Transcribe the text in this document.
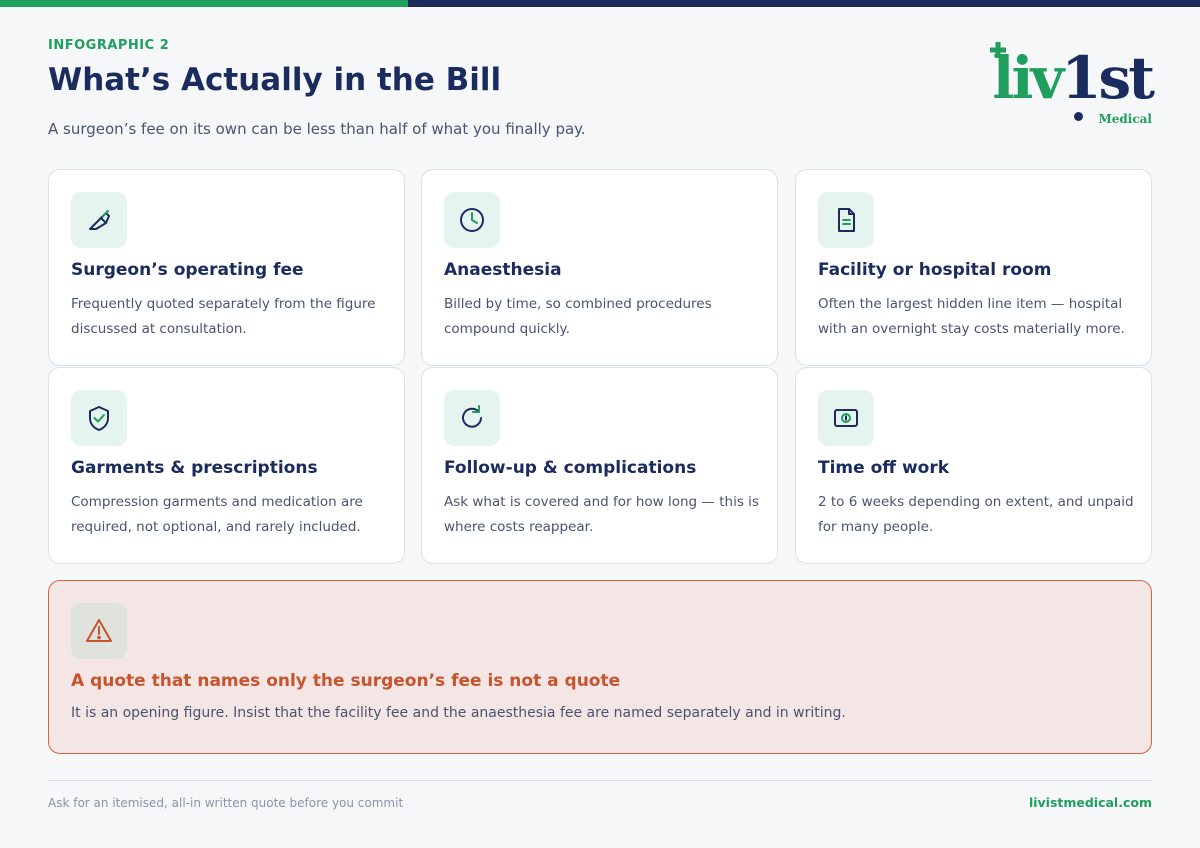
INFOGRAPHIC 2
What’s Actually in the Bill
A surgeon’s fee on its own can be less than half of what you finally pay.
liv1st
Medical
Surgeon’s operating fee

Frequently quoted separately from the figure discussed at consultation.

Anaesthesia

Billed by time, so combined procedures compound quickly.

Facility or hospital room

Often the largest hidden line item — hospital with an overnight stay costs materially more.

Garments & prescriptions

Compression garments and medication are required, not optional, and rarely included.

Follow-up & complications

Ask what is covered and for how long — this is where costs reappear.

Time off work

2 to 6 weeks depending on extent, and unpaid for many people.

A quote that names only the surgeon’s fee is not a quote

It is an opening figure. Insist that the facility fee and the anaesthesia fee are named separately and in writing.

Ask for an itemised, all-in written quote before you commit	livistmedical.com
